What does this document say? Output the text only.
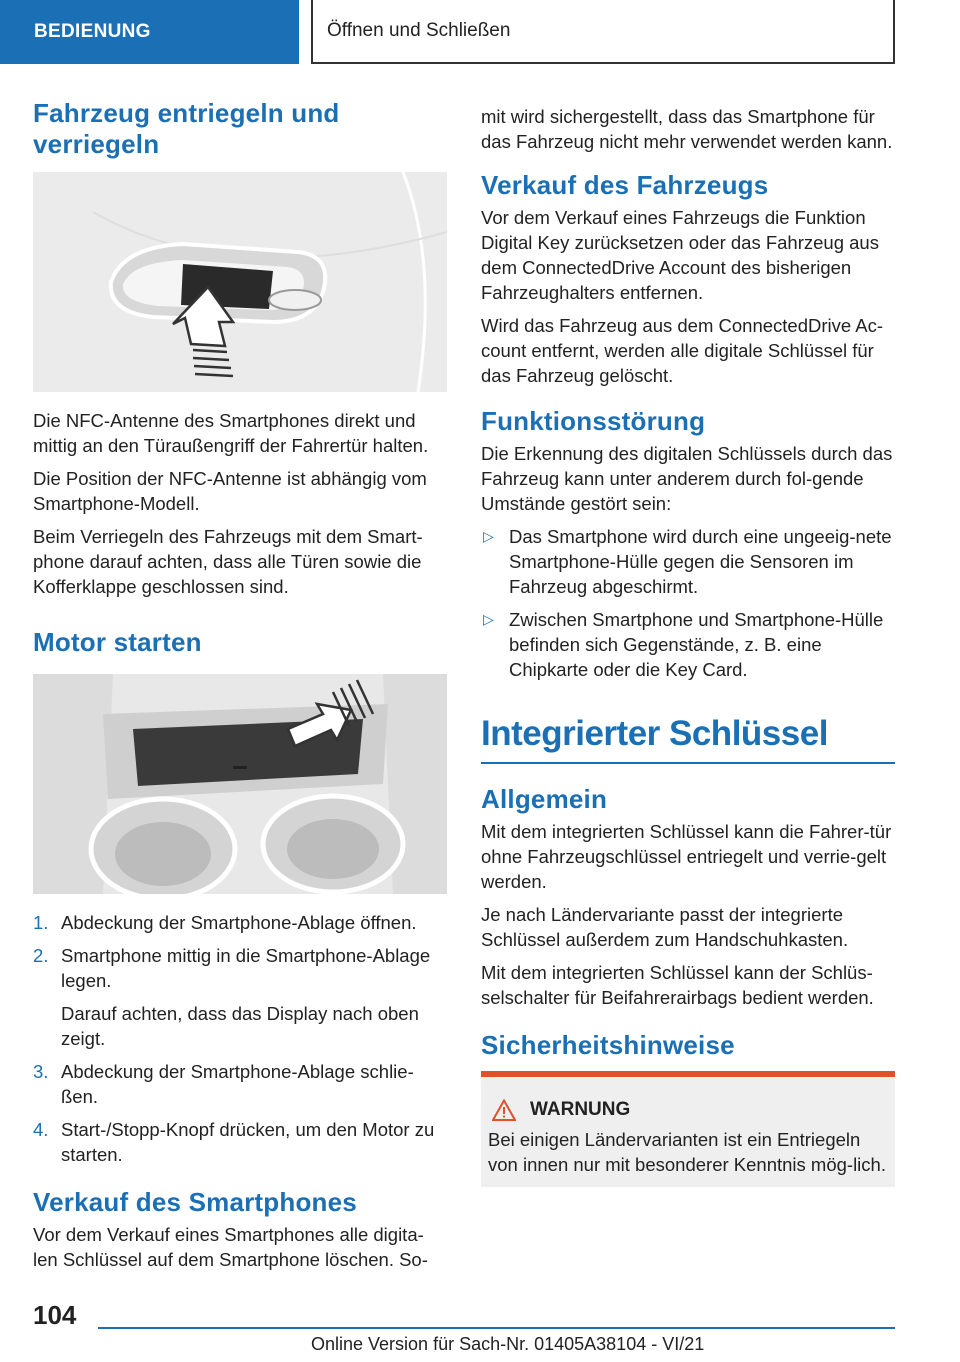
BEDIENUNG	Öffnen und Schließen
Fahrzeug entriegeln und verriegeln

Die NFC-Antenne des Smartphones direkt und mittig an den Türaußengriff der Fahrertür halten.

Die Position der NFC-Antenne ist abhängig vom Smartphone-Modell.

Beim Verriegeln des Fahrzeugs mit dem Smart-phone darauf achten, dass alle Türen sowie die Kofferklappe geschlossen sind.

Motor starten
1. Abdeckung der Smartphone-Ablage öffnen.
2. Smartphone mittig in die Smartphone-Ablage legen.
Darauf achten, dass das Display nach oben zeigt.
3. Abdeckung der Smartphone-Ablage schlie-ßen.
4. Start-/Stopp-Knopf drücken, um den Motor zu starten.
Verkauf des Smartphones

Vor dem Verkauf eines Smartphones alle digita-len Schlüssel auf dem Smartphone löschen. So-

mit wird sichergestellt, dass das Smartphone für das Fahrzeug nicht mehr verwendet werden kann.

Verkauf des Fahrzeugs

Vor dem Verkauf eines Fahrzeugs die Funktion Digital Key zurücksetzen oder das Fahrzeug aus dem ConnectedDrive Account des bisherigen Fahrzeughalters entfernen.

Wird das Fahrzeug aus dem ConnectedDrive Ac-count entfernt, werden alle digitale Schlüssel für das Fahrzeug gelöscht.

Funktionsstörung

Die Erkennung des digitalen Schlüssels durch das Fahrzeug kann unter anderem durch fol-gende Umstände gestört sein:

▷ Das Smartphone wird durch eine ungeeig-nete Smartphone-Hülle gegen die Sensoren im Fahrzeug abgeschirmt.
▷ Zwischen Smartphone und Smartphone-Hülle befinden sich Gegenstände, z. B. eine Chipkarte oder die Key Card.
Integrierter Schlüssel
Allgemein

Mit dem integrierten Schlüssel kann die Fahrer-tür ohne Fahrzeugschlüssel entriegelt und verrie-gelt werden.

Je nach Ländervariante passt der integrierte Schlüssel außerdem zum Handschuhkasten.

Mit dem integrierten Schlüssel kann der Schlüs-selschalter für Beifahrerairbags bedient werden.

Sicherheitshinweise
WARNUNG

Bei einigen Ländervarianten ist ein Entriegeln von innen nur mit besonderer Kenntnis mög-lich.

104
Online Version für Sach-Nr. 01405A38104 - VI/21
